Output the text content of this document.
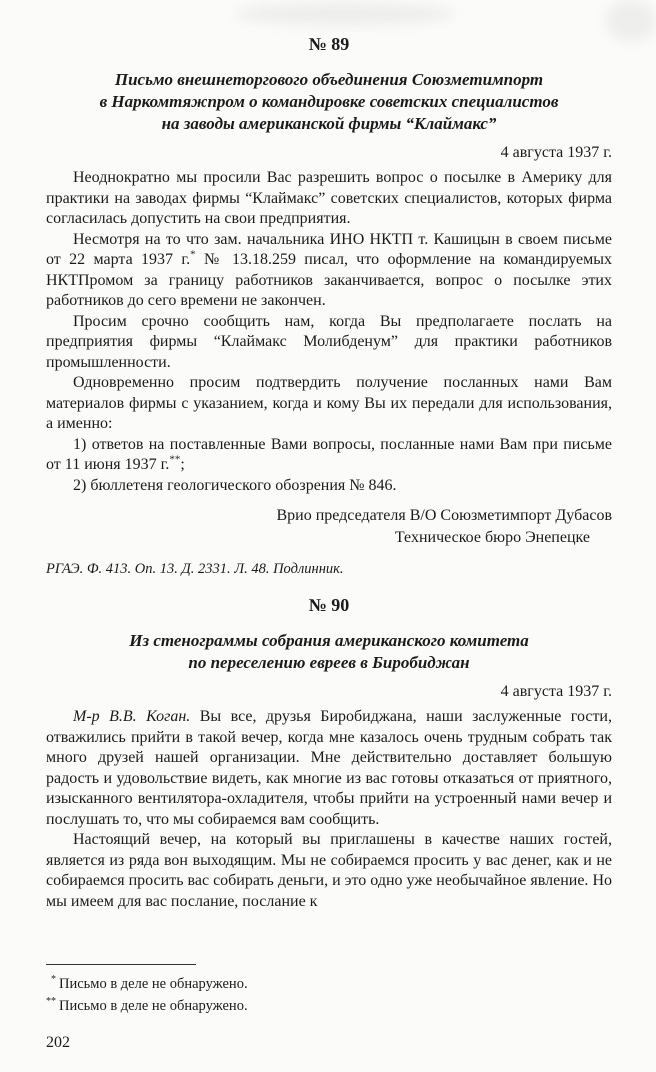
№ 89
Письмо внешнеторгового объединения Союзметимпорт
в Наркомтяжпром о командировке советских специалистов
на заводы американской фирмы “Клаймакс”
4 августа 1937 г.

Неоднократно мы просили Вас разрешить вопрос о посылке в Америку для практики на заводах фирмы “Клаймакс” советских специалистов, которых фирма согласилась допустить на свои предприятия.

Несмотря на то что зам. начальника ИНО НКТП т. Кашицын в своем письме от 22 марта 1937 г.* № 13.18.259 писал, что оформление на командируемых НКТПромом за границу работников заканчивается, вопрос о посылке этих работников до сего времени не закончен.

Просим срочно сообщить нам, когда Вы предполагаете послать на предприятия фирмы “Клаймакс Молибденум” для практики работников промышленности.

Одновременно просим подтвердить получение посланных нами Вам материалов фирмы с указанием, когда и кому Вы их передали для использования, а именно:

1) ответов на поставленные Вами вопросы, посланные нами Вам при письме от 11 июня 1937 г.**;

2) бюллетеня геологического обозрения № 846.

Врио председателя В/О Союзметимпорт Дубасов
Техническое бюро Энепецке
РГАЭ. Ф. 413. Оп. 13. Д. 2331. Л. 48. Подлинник.
№ 90
Из стенограммы собрания американского комитета
по переселению евреев в Биробиджан
4 августа 1937 г.

М-р В.В. Коган. Вы все, друзья Биробиджана, наши заслуженные гости, отважились прийти в такой вечер, когда мне казалось очень трудным собрать так много друзей нашей организации. Мне действительно доставляет большую радость и удовольствие видеть, как многие из вас готовы отказаться от приятного, изысканного вентилятора-охладителя, чтобы прийти на устроенный нами вечер и послушать то, что мы собираемся вам сообщить.

Настоящий вечер, на который вы приглашены в качестве наших гостей, является из ряда вон выходящим. Мы не собираемся просить у вас денег, как и не собираемся просить вас собирать деньги, и это одно уже необычайное явление. Но мы имеем для вас послание, послание к

* Письмо в деле не обнаружено.
** Письмо в деле не обнаружено.
202
